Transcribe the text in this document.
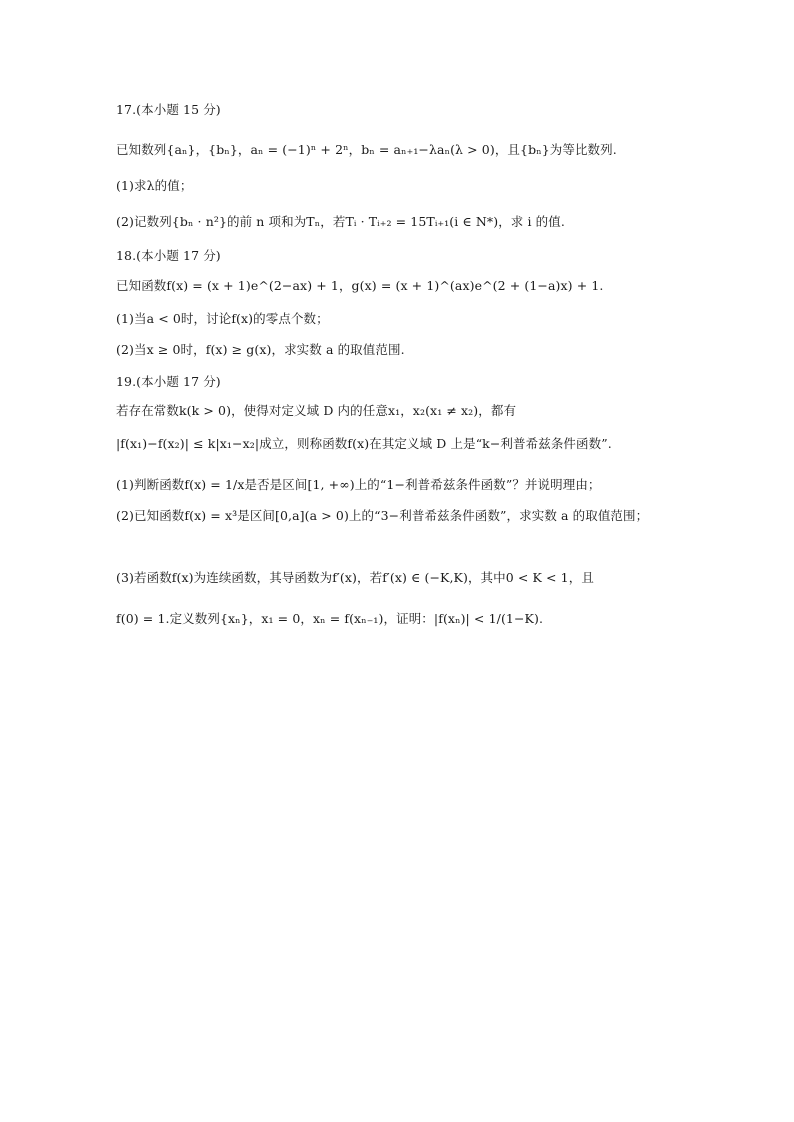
17.(本小题 15 分)
已知数列{aₙ}，{bₙ}，aₙ = (−1)ⁿ + 2ⁿ，bₙ = aₙ₊₁−λaₙ(λ > 0)，且{bₙ}为等比数列.
(1)求λ的值；
(2)记数列{bₙ · n²}的前 n 项和为Tₙ，若Tᵢ · Tᵢ₊₂ = 15Tᵢ₊₁(i ∈ N*)，求 i 的值.
18.(本小题 17 分)
已知函数f(x) = (x + 1)e^(2−ax) + 1，g(x) = (x + 1)^(ax)e^(2 + (1−a)x) + 1.
(1)当a < 0时，讨论f(x)的零点个数；
(2)当x ≥ 0时，f(x) ≥ g(x)，求实数 a 的取值范围.
19.(本小题 17 分)
若存在常数k(k > 0)，使得对定义域 D 内的任意x₁，x₂(x₁ ≠ x₂)，都有
|f(x₁)−f(x₂)| ≤ k|x₁−x₂|成立，则称函数f(x)在其定义域 D 上是“k−利普希兹条件函数”.
(1)判断函数f(x) = 1/x是否是区间[1, +∞)上的“1−利普希兹条件函数”？并说明理由；
(2)已知函数f(x) = x³是区间[0,a](a > 0)上的“3−利普希兹条件函数”，求实数 a 的取值范围；
(3)若函数f(x)为连续函数，其导函数为f′(x)，若f′(x) ∈ (−K,K)，其中0 < K < 1，且
f(0) = 1.定义数列{xₙ}，x₁ = 0，xₙ = f(xₙ₋₁)，证明：|f(xₙ)| < 1/(1−K).
